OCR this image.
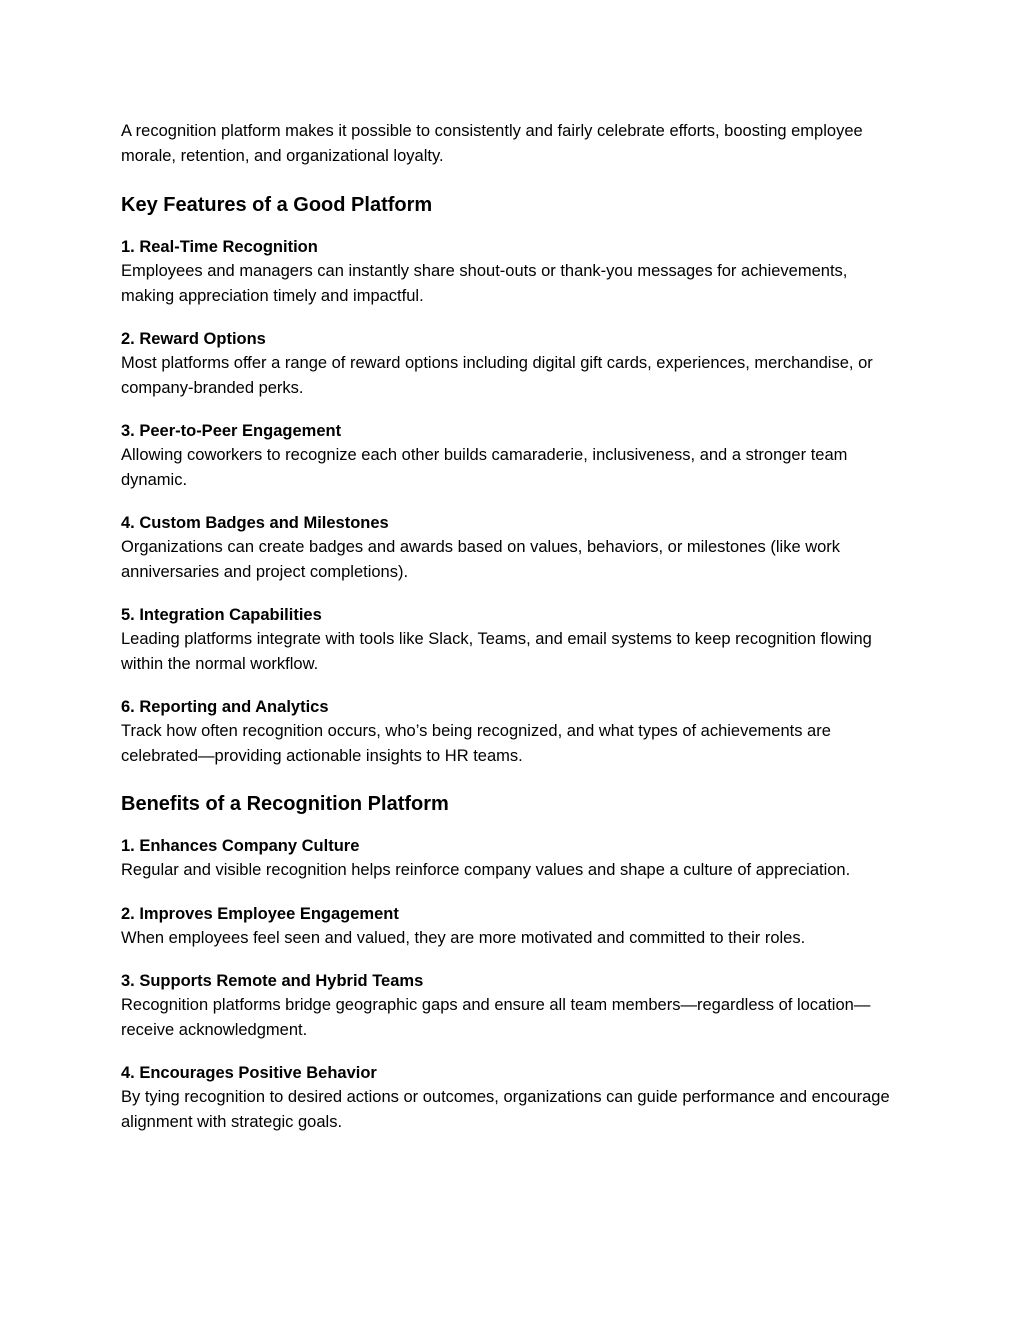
A recognition platform makes it possible to consistently and fairly celebrate efforts, boosting employee morale, retention, and organizational loyalty.

Key Features of a Good Platform
1. Real-Time Recognition
Employees and managers can instantly share shout-outs or thank-you messages for achievements, making appreciation timely and impactful.
2. Reward Options
Most platforms offer a range of reward options including digital gift cards, experiences, merchandise, or company-branded perks.
3. Peer-to-Peer Engagement
Allowing coworkers to recognize each other builds camaraderie, inclusiveness, and a stronger team dynamic.
4. Custom Badges and Milestones
Organizations can create badges and awards based on values, behaviors, or milestones (like work anniversaries and project completions).
5. Integration Capabilities
Leading platforms integrate with tools like Slack, Teams, and email systems to keep recognition flowing within the normal workflow.
6. Reporting and Analytics
Track how often recognition occurs, who’s being recognized, and what types of achievements are celebrated—providing actionable insights to HR teams.
Benefits of a Recognition Platform
1. Enhances Company Culture
Regular and visible recognition helps reinforce company values and shape a culture of appreciation.
2. Improves Employee Engagement
When employees feel seen and valued, they are more motivated and committed to their roles.
3. Supports Remote and Hybrid Teams
Recognition platforms bridge geographic gaps and ensure all team members—regardless of location—receive acknowledgment.
4. Encourages Positive Behavior
By tying recognition to desired actions or outcomes, organizations can guide performance and encourage alignment with strategic goals.
